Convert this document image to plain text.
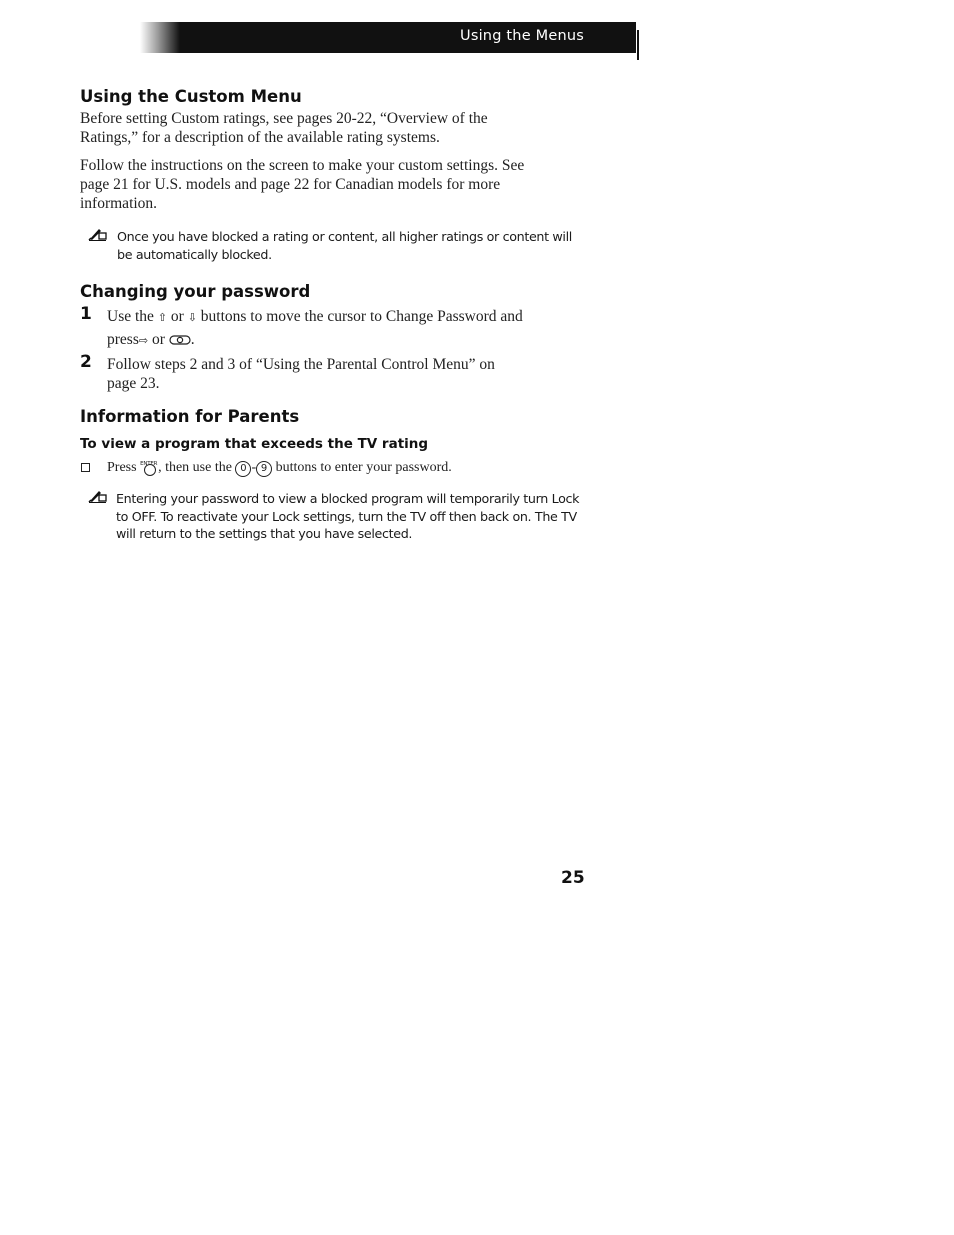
Using the Menus
Using the Custom Menu
Before setting Custom ratings, see pages 20-22, “Overview of the
Ratings,” for a description of the available rating systems.
Follow the instructions on the screen to make your custom settings. See
page 21 for U.S. models and page 22 for Canadian models for more
information.
Once you have blocked a rating or content, all higher ratings or content will
be automatically blocked.
Changing your password
1 Use the ⇧ or ⇩ buttons to move the cursor to Change Password and
press⇨ or .
2 Follow steps 2 and 3 of “Using the Parental Control Menu” on
page 23.
Information for Parents
To view a program that exceeds the TV rating
Press ENTER , then use the 0 - 9 buttons to enter your password.
Entering your password to view a blocked program will temporarily turn Lock
to OFF. To reactivate your Lock settings, turn the TV off then back on. The TV
will return to the settings that you have selected.
25
